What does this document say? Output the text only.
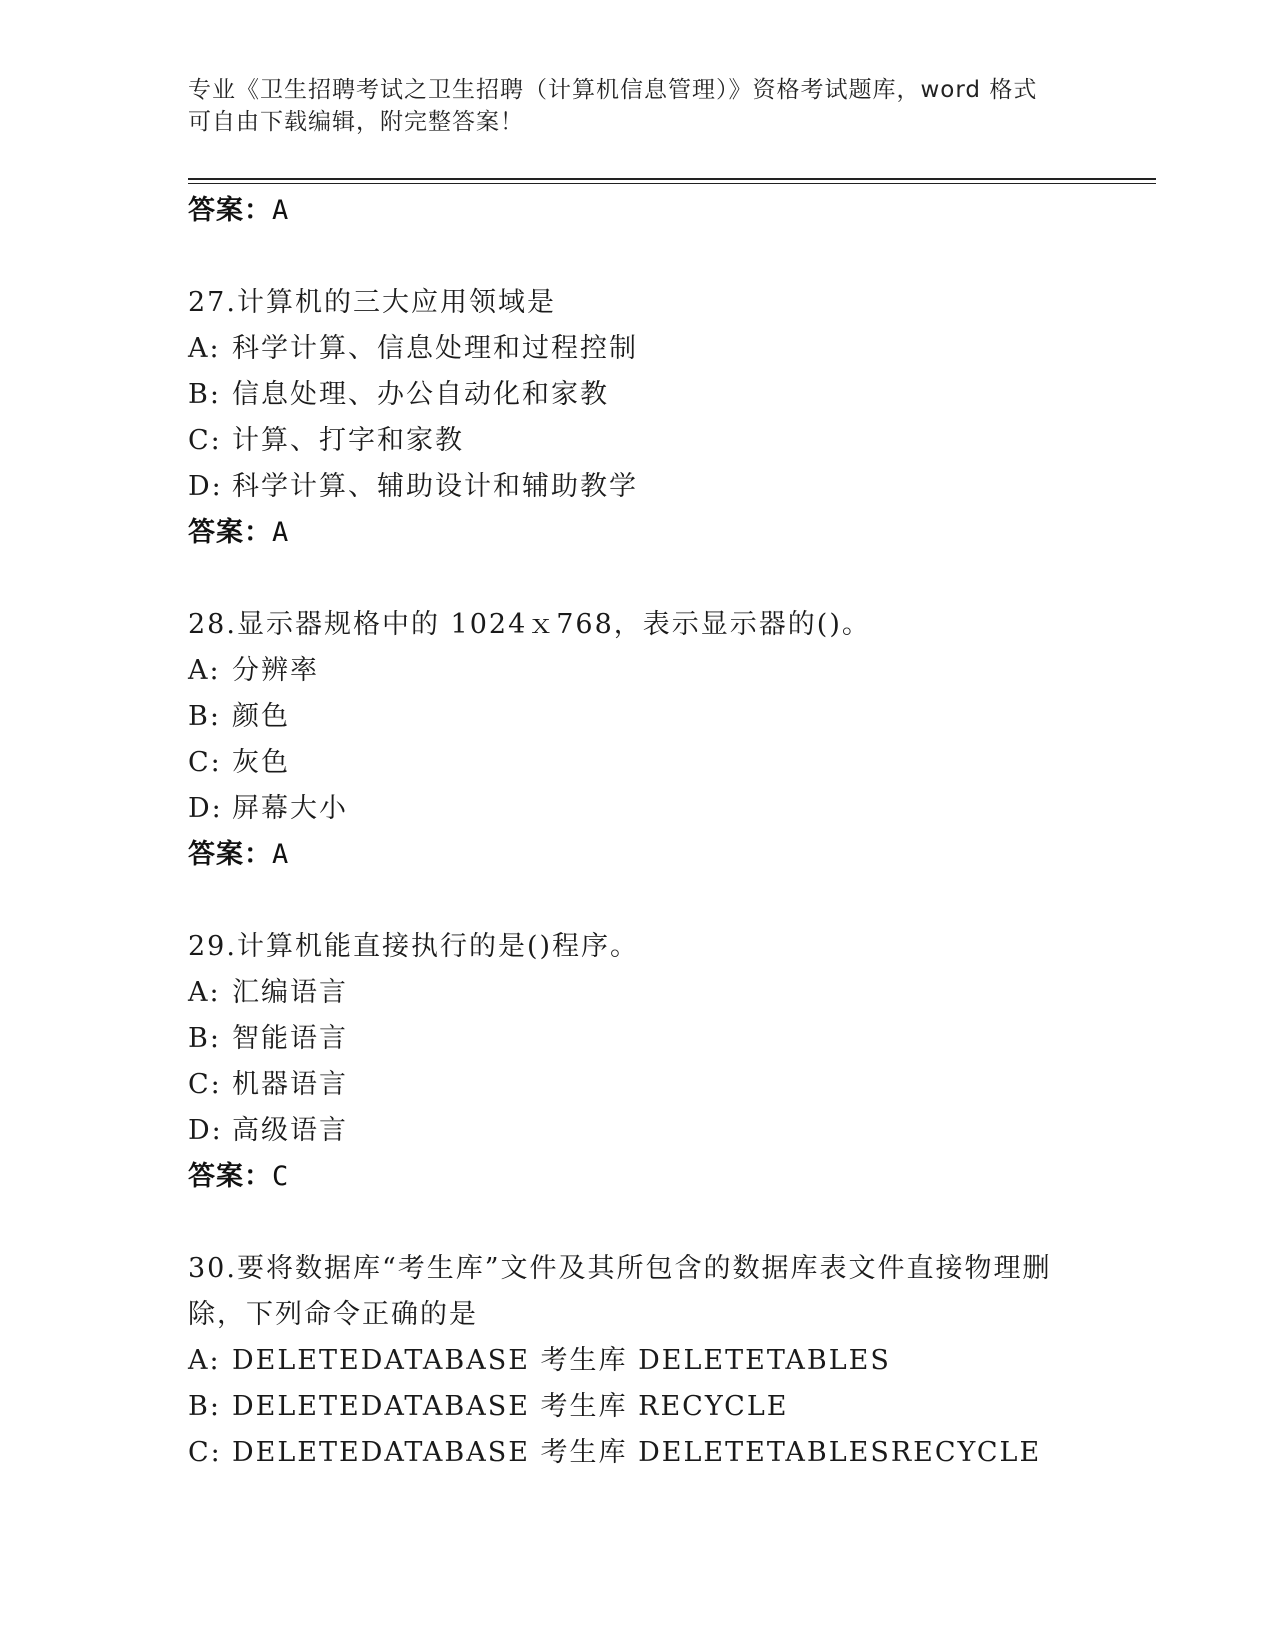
专业《卫生招聘考试之卫生招聘（计算机信息管理）》资格考试题库，word 格式
可自由下载编辑，附完整答案！
答案：A
27.计算机的三大应用领域是
A: 科学计算、信息处理和过程控制
B: 信息处理、办公自动化和家教
C: 计算、打字和家教
D: 科学计算、辅助设计和辅助教学
答案：A
28.显示器规格中的 1024ｘ768，表示显示器的()。
A: 分辨率
B: 颜色
C: 灰色
D: 屏幕大小
答案：A
29.计算机能直接执行的是()程序。
A: 汇编语言
B: 智能语言
C: 机器语言
D: 高级语言
答案：C
30.要将数据库“考生库”文件及其所包含的数据库表文件直接物理删
除，下列命令正确的是
A: DELETEDATABASE 考生库 DELETETABLES
B: DELETEDATABASE 考生库 RECYCLE
C: DELETEDATABASE 考生库 DELETETABLESRECYCLE
